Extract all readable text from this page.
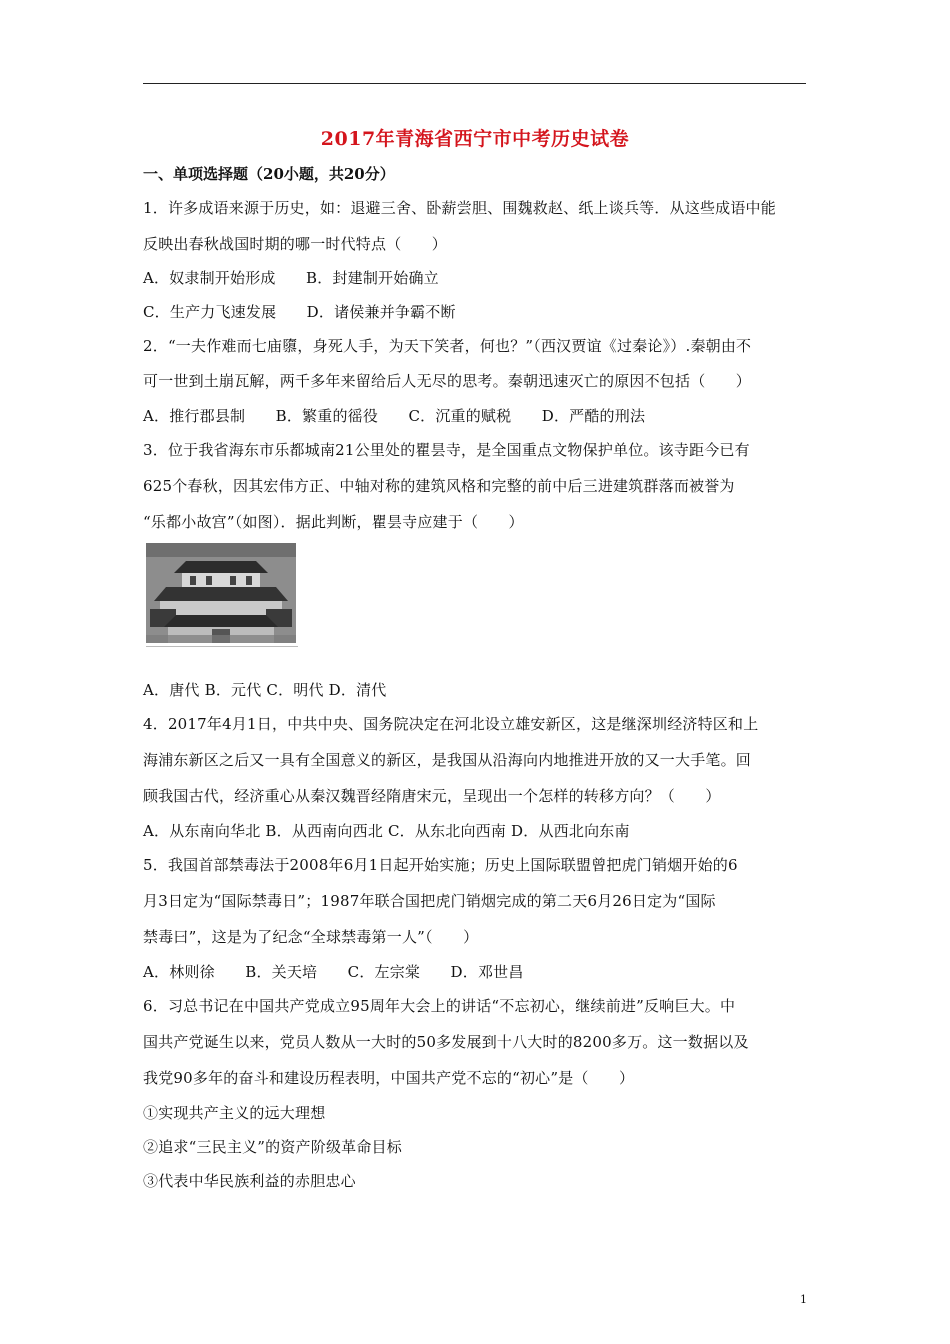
2017年青海省西宁市中考历史试卷
一、单项选择题（20小题，共20分）
1．许多成语来源于历史，如：退避三舍、卧薪尝胆、围魏救赵、纸上谈兵等．从这些成语中能
反映出春秋战国时期的哪一时代特点（　　）
A．奴隶制开始形成　　B．封建制开始确立
C．生产力飞速发展　　D．诸侯兼并争霸不断
2．“一夫作难而七庙隳，身死人手，为天下笑者，何也？”（西汉贾谊《过秦论》）.秦朝由不
可一世到土崩瓦解，两千多年来留给后人无尽的思考。秦朝迅速灭亡的原因不包括（　　）
A．推行郡县制　　B．繁重的徭役　　C．沉重的赋税　　D．严酷的刑法
3．位于我省海东市乐都城南21公里处的瞿昙寺，是全国重点文物保护单位。该寺距今已有
625个春秋，因其宏伟方正、中轴对称的建筑风格和完整的前中后三进建筑群落而被誉为
“乐都小故宫”（如图）．据此判断，瞿昙寺应建于（　　）
A．唐代 B．元代 C．明代 D．清代
4．2017年4月1日，中共中央、国务院决定在河北设立雄安新区，这是继深圳经济特区和上
海浦东新区之后又一具有全国意义的新区，是我国从沿海向内地推进开放的又一大手笔。回
顾我国古代，经济重心从秦汉魏晋经隋唐宋元，呈现出一个怎样的转移方向？（　　）
A．从东南向华北 B．从西南向西北 C．从东北向西南 D．从西北向东南
5．我国首部禁毒法于2008年6月1日起开始实施；历史上国际联盟曾把虎门销烟开始的6
月3日定为“国际禁毒日”；1987年联合国把虎门销烟完成的第二天6月26日定为“国际
禁毒曰”，这是为了纪念“全球禁毒第一人”（　　）
A．林则徐　　B．关天培　　C．左宗棠　　D．邓世昌
6．习总书记在中国共产党成立95周年大会上的讲话“不忘初心，继续前进”反响巨大。中
国共产党诞生以来，党员人数从一大时的50多发展到十八大时的8200多万。这一数据以及
我党90多年的奋斗和建设历程表明，中国共产党不忘的“初心”是（　　）
①实现共产主义的远大理想
②追求“三民主义”的资产阶级革命目标
③代表中华民族利益的赤胆忠心
1
